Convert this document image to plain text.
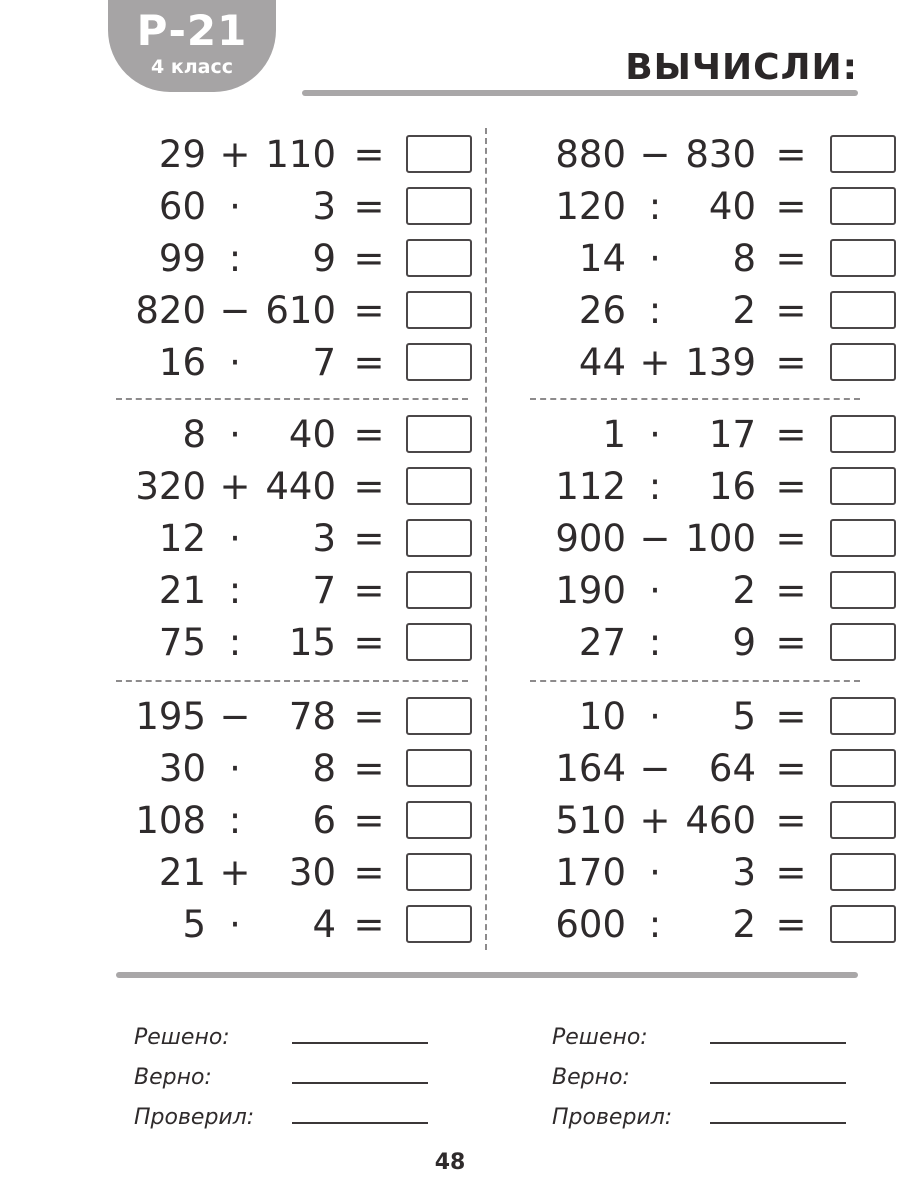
Р-21
4 класс	ВЫЧИСЛИ:
29 + 110 =
60 ·	3 =
99 :	9 =
820 − 610 =
16 ·	7 =
8 ·	40 =
320 + 440 =
12 ·	3 =
21 :	7 =
75 :	15 =
195 −	78 =
30 ·	8 =
108 :	6 =
21 +	30 =
5 ·	4 =
880 − 830 =
120 :	40 =
14 ·	8 =
26 :	2 =
44 + 139 =
1 ·	17 =
112 :	16 =
900 − 100 =
190 ·	2 =
27 :	9 =
10 ·	5 =
164 −	64 =
510 + 460 =
170 ·	3 =
600 :	2 =
Решено:
Верно:
Проверил:
Решено:
Верно:
Проверил:
48
